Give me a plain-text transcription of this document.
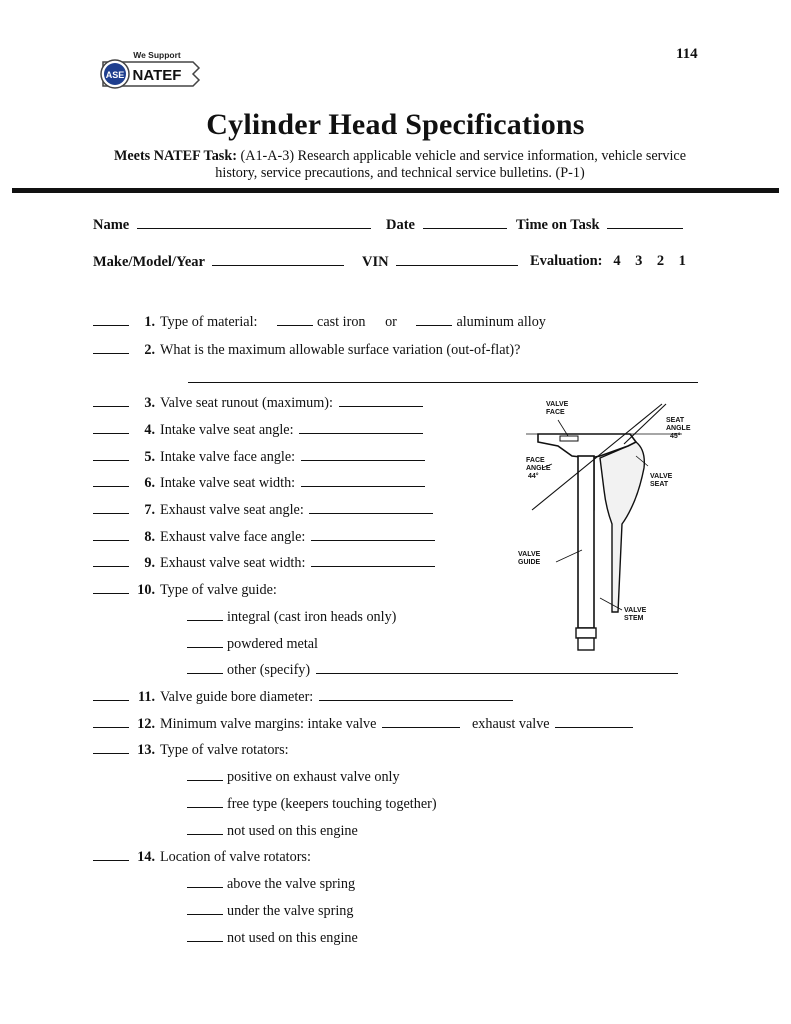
ASE
We Support
NATEF
114
Cylinder Head Specifications
Meets NATEF Task: (A1-A-3) Research applicable vehicle and service information, vehicle service history, service precautions, and technical service bulletins. (P-1)
Name	Date	Time on Task
Make/Model/Year	VIN	Evaluation: 4    3    2    1
1. Type of material:	cast iron or	aluminum alloy
2. What is the maximum allowable surface variation (out-of-flat)?
3. Valve seat runout (maximum):
4. Intake valve seat angle:
5. Intake valve face angle:
6. Intake valve seat width:
7. Exhaust valve seat angle:
8. Exhaust valve face angle:
9. Exhaust valve seat width:
10. Type of valve guide:
integral (cast iron heads only)
powdered metal
other (specify)
11. Valve guide bore diameter:
12. Minimum valve margins: intake valve	exhaust valve
13. Type of valve rotators:
positive on exhaust valve only
free type (keepers touching together)
not used on this engine
14. Location of valve rotators:
above the valve spring
under the valve spring
not used on this engine
VALVE
FACE
SEAT
ANGLE
45°
FACE
ANGLE
44°	VALVE
SEAT
VALVE
GUIDE
VALVE
STEM
